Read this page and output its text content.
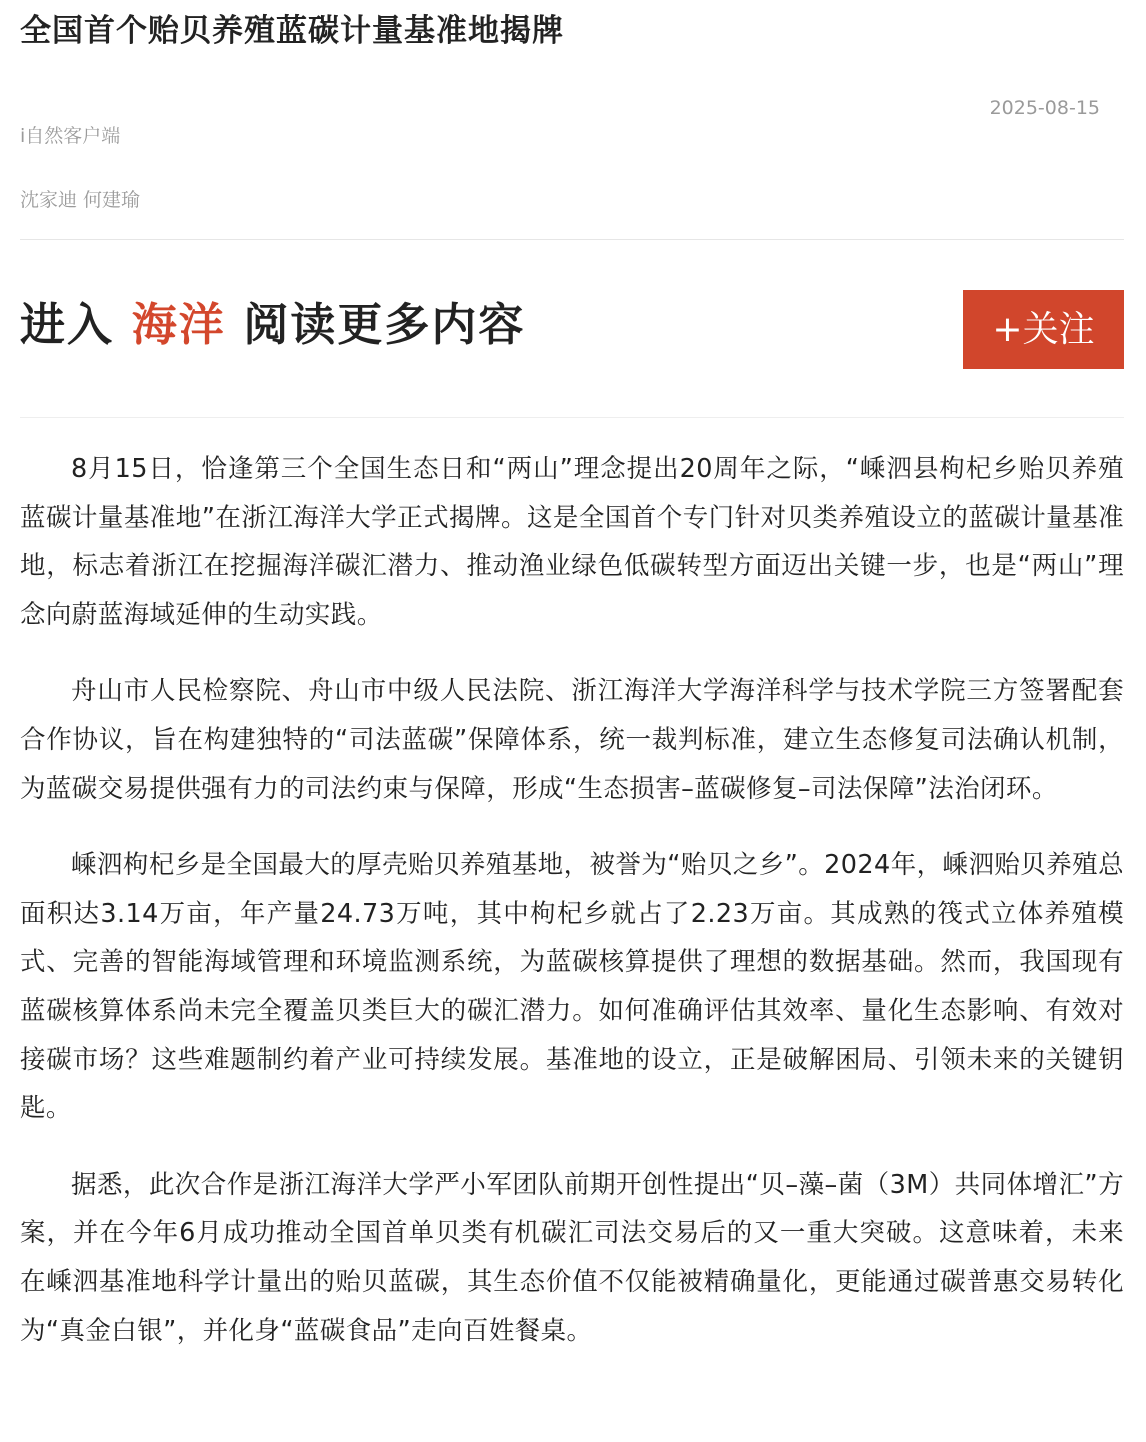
全国首个贻贝养殖蓝碳计量基准地揭牌
2025-08-15
i自然客户端
沈家迪 何建瑜
进入 海洋 阅读更多内容	+关注

8月15日，恰逢第三个全国生态日和“两山”理念提出20周年之际，“嵊泗县枸杞乡贻贝养殖蓝碳计量基准地”在浙江海洋大学正式揭牌。这是全国首个专门针对贝类养殖设立的蓝碳计量基准地，标志着浙江在挖掘海洋碳汇潜力、推动渔业绿色低碳转型方面迈出关键一步，也是“两山”理念向蔚蓝海域延伸的生动实践。

舟山市人民检察院、舟山市中级人民法院、浙江海洋大学海洋科学与技术学院三方签署配套合作协议，旨在构建独特的“司法蓝碳”保障体系，统一裁判标准，建立生态修复司法确认机制，为蓝碳交易提供强有力的司法约束与保障，形成“生态损害–蓝碳修复–司法保障”法治闭环。

嵊泗枸杞乡是全国最大的厚壳贻贝养殖基地，被誉为“贻贝之乡”。2024年，嵊泗贻贝养殖总面积达3.14万亩，年产量24.73万吨，其中枸杞乡就占了2.23万亩。其成熟的筏式立体养殖模式、完善的智能海域管理和环境监测系统，为蓝碳核算提供了理想的数据基础。然而，我国现有蓝碳核算体系尚未完全覆盖贝类巨大的碳汇潜力。如何准确评估其效率、量化生态影响、有效对接碳市场？这些难题制约着产业可持续发展。基准地的设立，正是破解困局、引领未来的关键钥匙。

据悉，此次合作是浙江海洋大学严小军团队前期开创性提出“贝–藻–菌（3M）共同体增汇”方案，并在今年6月成功推动全国首单贝类有机碳汇司法交易后的又一重大突破。这意味着，未来在嵊泗基准地科学计量出的贻贝蓝碳，其生态价值不仅能被精确量化，更能通过碳普惠交易转化为“真金白银”，并化身“蓝碳食品”走向百姓餐桌。
